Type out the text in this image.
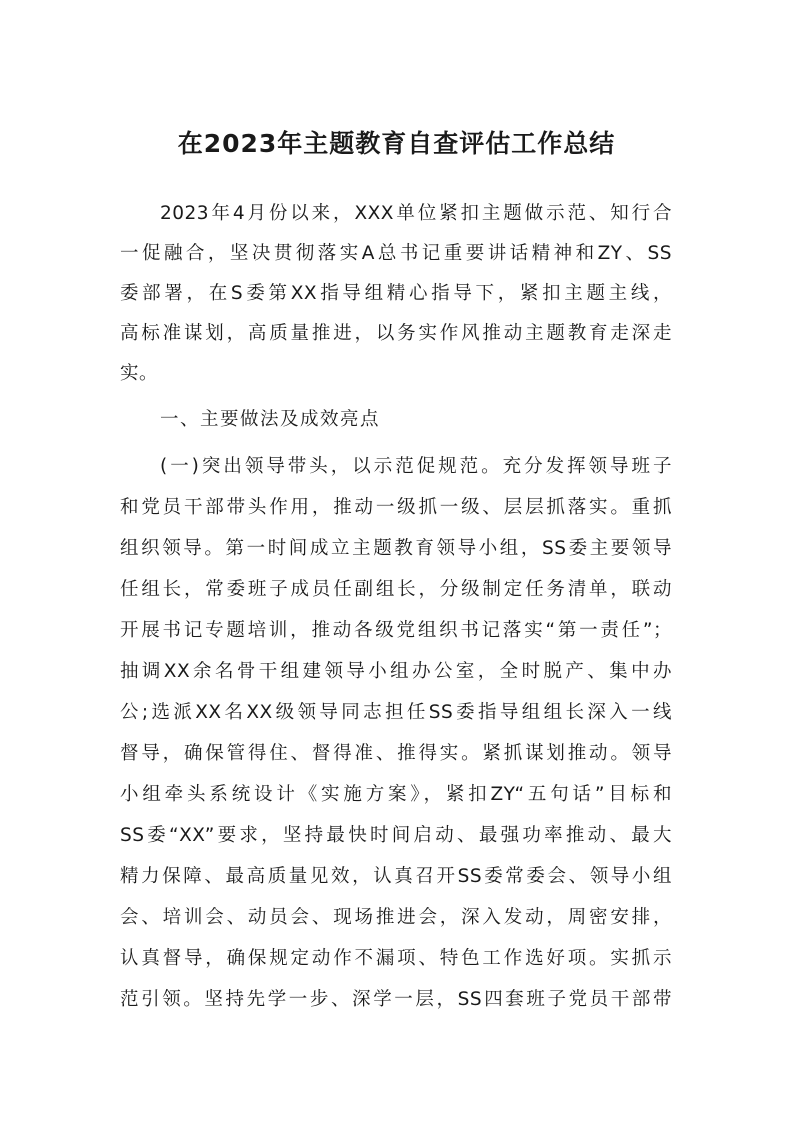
在2023年主题教育自查评估工作总结
2023年4月份以来，XXX单位紧扣主题做示范、知行合
一促融合，坚决贯彻落实A总书记重要讲话精神和ZY、SS
委部署，在S委第XX指导组精心指导下，紧扣主题主线，
高标准谋划，高质量推进，以务实作风推动主题教育走深走
实。
一、主要做法及成效亮点
(一)突出领导带头，以示范促规范。充分发挥领导班子
和党员干部带头作用，推动一级抓一级、层层抓落实。重抓
组织领导。第一时间成立主题教育领导小组，SS委主要领导
任组长，常委班子成员任副组长，分级制定任务清单，联动
开展书记专题培训，推动各级党组织书记落实“第一责任”；
抽调XX余名骨干组建领导小组办公室，全时脱产、集中办
公;选派XX名XX级领导同志担任SS委指导组组长深入一线
督导，确保管得住、督得准、推得实。紧抓谋划推动。领导
小组牵头系统设计《实施方案》，紧扣ZY“五句话”目标和
SS委“XX”要求，坚持最快时间启动、最强功率推动、最大
精力保障、最高质量见效，认真召开SS委常委会、领导小组
会、培训会、动员会、现场推进会，深入发动，周密安排，
认真督导，确保规定动作不漏项、特色工作选好项。实抓示
范引领。坚持先学一步、深学一层，SS四套班子党员干部带
